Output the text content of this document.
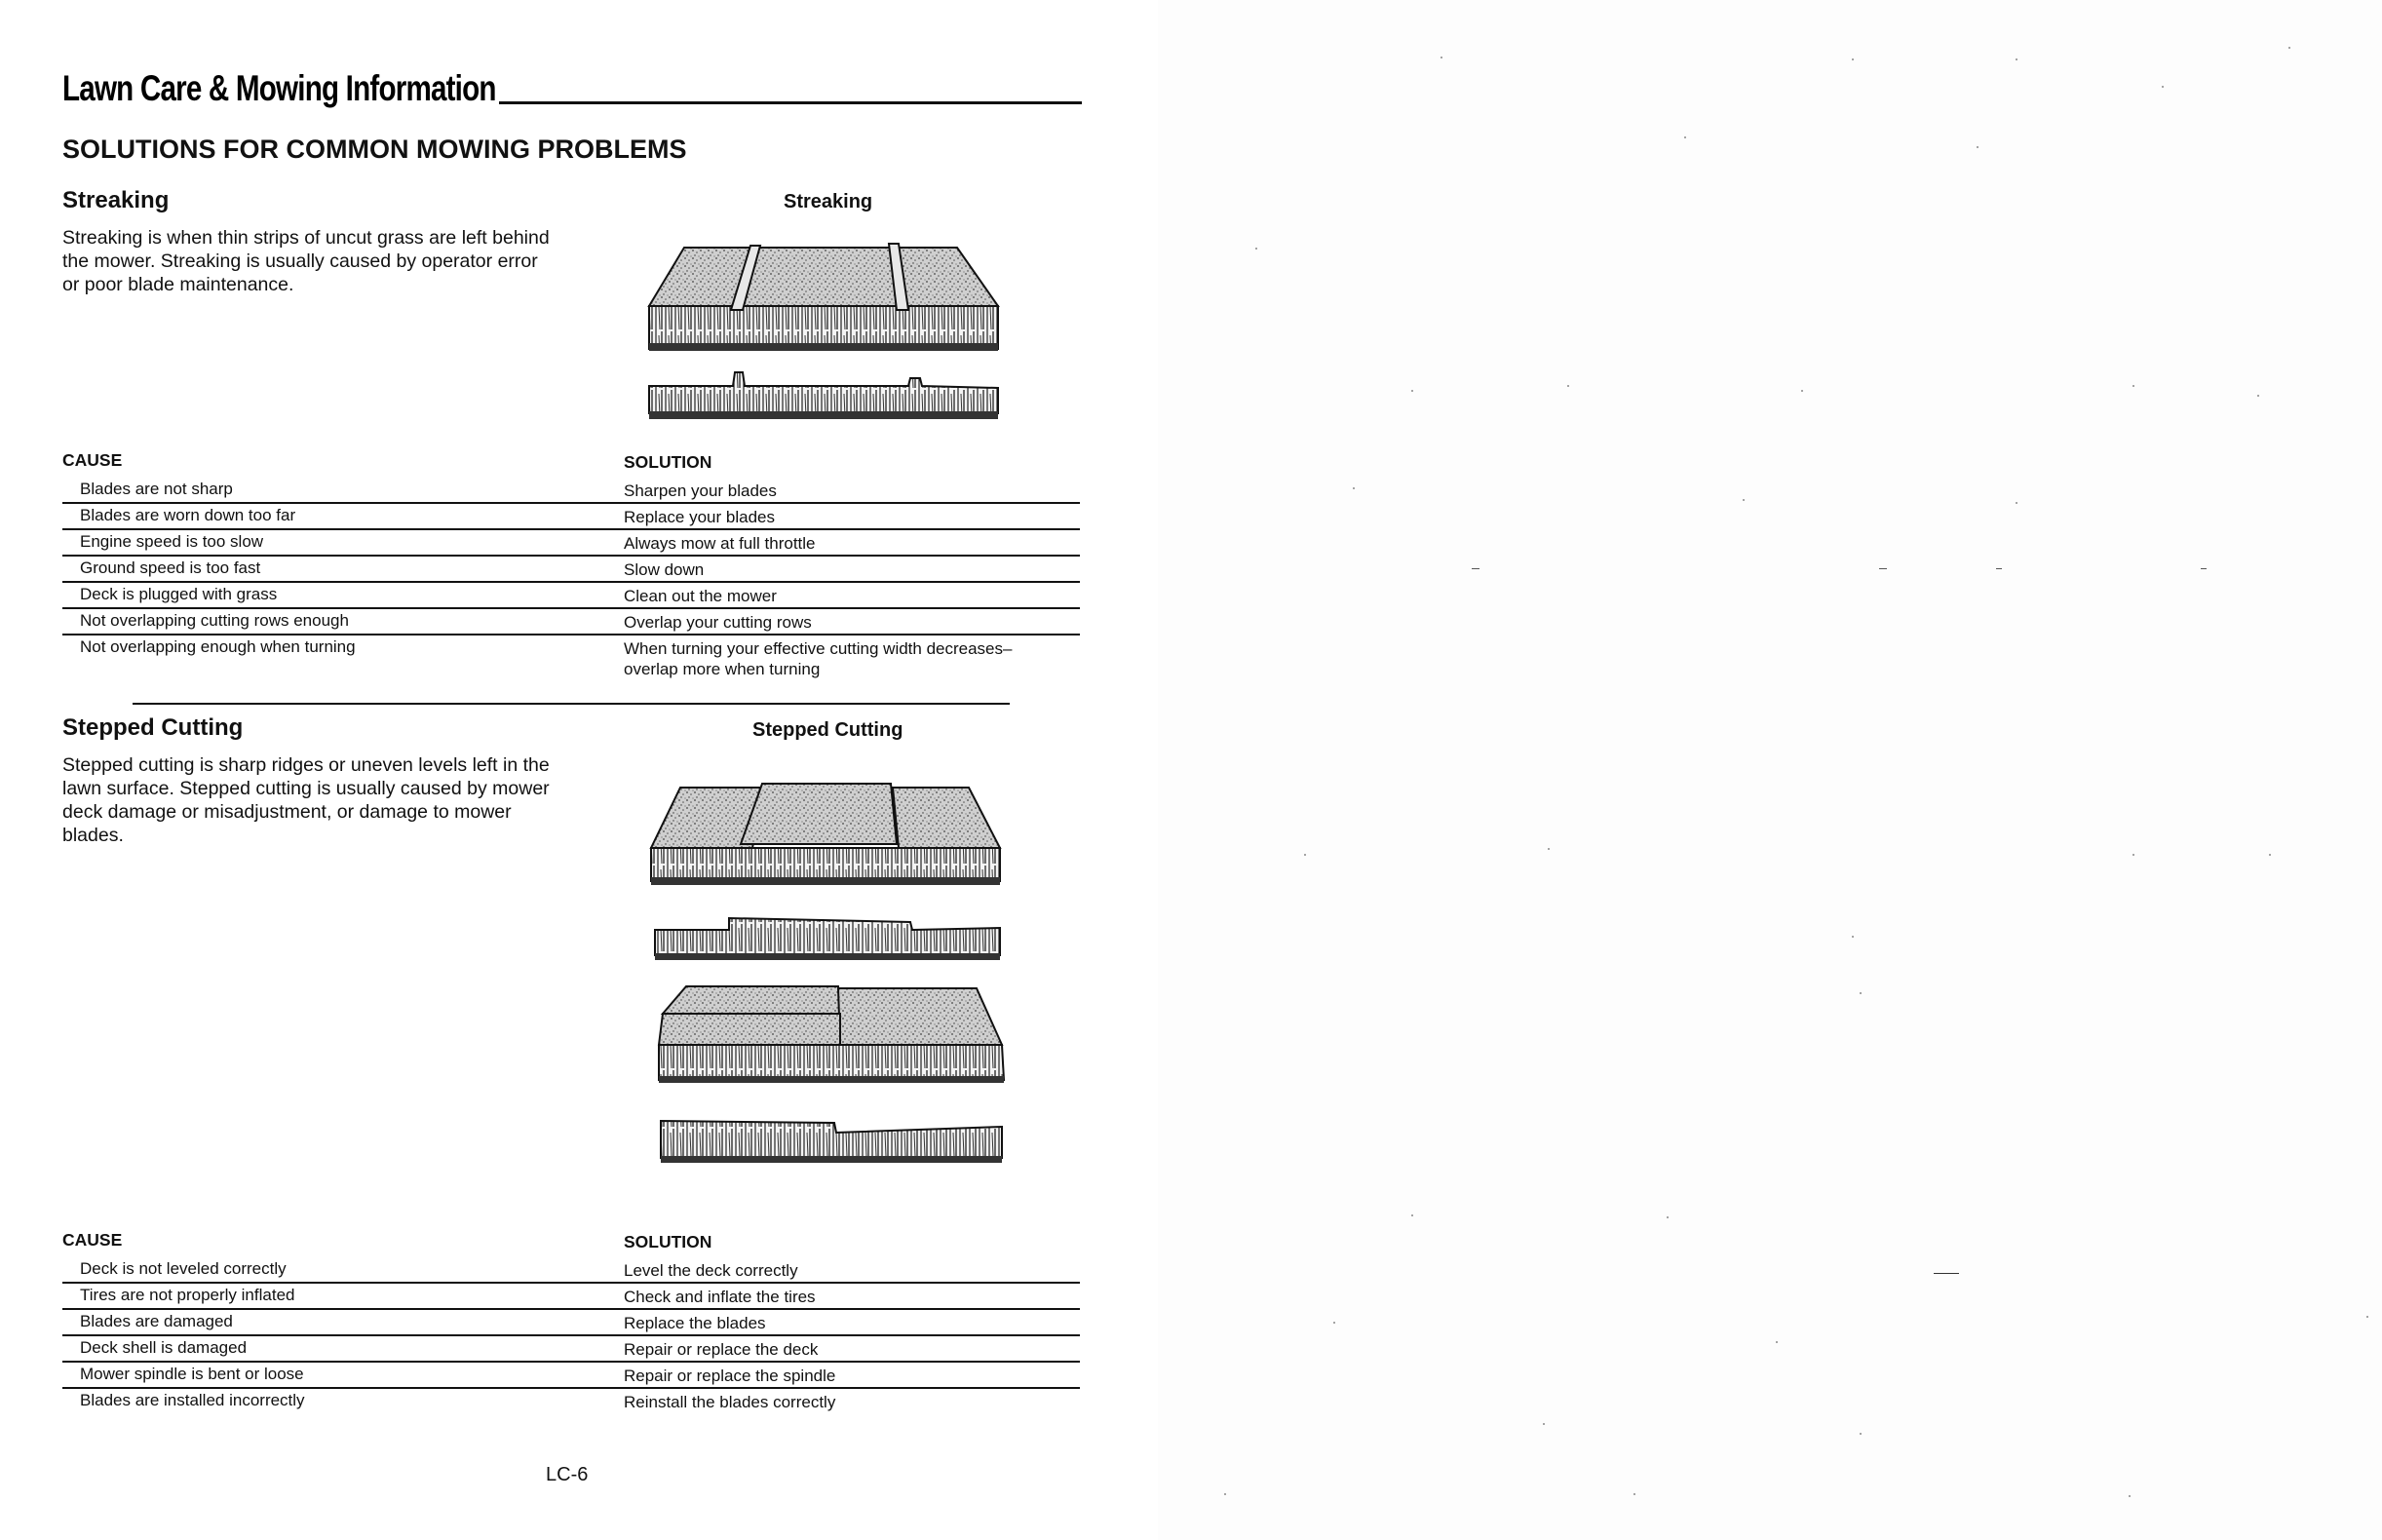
Lawn Care & Mowing Information
SOLUTIONS FOR COMMON MOWING PROBLEMS
Streaking
Streaking is when thin strips of uncut grass are left behind the mower. Streaking is usually caused by operator error or poor blade maintenance.
Streaking
CAUSE	SOLUTION
Blades are not sharp	Sharpen your blades
Blades are worn down too far	Replace your blades
Engine speed is too slow	Always mow at full throttle
Ground speed is too fast	Slow down
Deck is plugged with grass	Clean out the mower
Not overlapping cutting rows enough	Overlap your cutting rows
Not overlapping enough when turning	When turning your effective cutting width decreases–overlap more when turning
Stepped Cutting
Stepped cutting is sharp ridges or uneven levels left in the lawn surface. Stepped cutting is usually caused by mower deck damage or misadjustment, or damage to mower blades.
Stepped Cutting
CAUSE	SOLUTION
Deck is not leveled correctly	Level the deck correctly
Tires are not properly inflated	Check and inflate the tires
Blades are damaged	Replace the blades
Deck shell is damaged	Repair or replace the deck
Mower spindle is bent or loose	Repair or replace the spindle
Blades are installed incorrectly	Reinstall the blades correctly
LC-6
